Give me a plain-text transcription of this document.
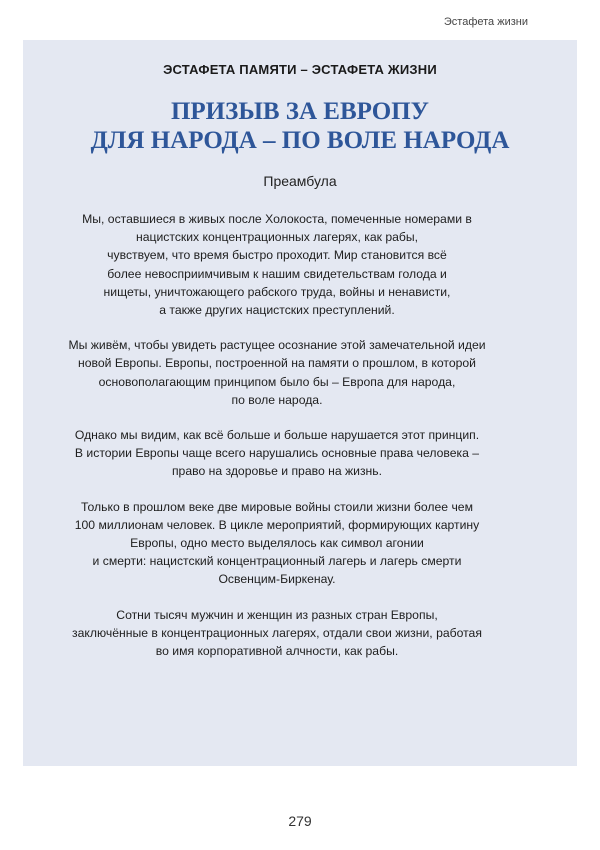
Эстафета жизни
ЭСТАФЕТА ПАМЯТИ – ЭСТАФЕТА ЖИЗНИ
ПРИЗЫВ ЗА ЕВРОПУ
ДЛЯ НАРОДА – ПО ВОЛЕ НАРОДА
Преамбула

Мы, оставшиеся в живых после Холокоста, помеченные номерами в
нацистских концентрационных лагерях, как рабы,
чувствуем, что время быстро проходит. Мир становится всё
более невосприимчивым к нашим свидетельствам голода и
нищеты, уничтожающего рабского труда, войны и ненависти,
а также других нацистских преступлений.

Мы живём, чтобы увидеть растущее осознание этой замечательной идеи
новой Европы. Европы, построенной на памяти о прошлом, в которой
основополагающим принципом было бы – Европа для народа,
по воле народа.

Однако мы видим, как всё больше и больше нарушается этот принцип.
В истории Европы чаще всего нарушались основные права человека –
право на здоровье и право на жизнь.

Только в прошлом веке две мировые войны стоили жизни более чем
100 миллионам человек. В цикле мероприятий, формирующих картину
Европы, одно место выделялось как символ агонии
и смерти: нацистский концентрационный лагерь и лагерь смерти
Освенцим-Биркенау.

Сотни тысяч мужчин и женщин из разных стран Европы,
заключённые в концентрационных лагерях, отдали свои жизни, работая
во имя корпоративной алчности, как рабы.

279
